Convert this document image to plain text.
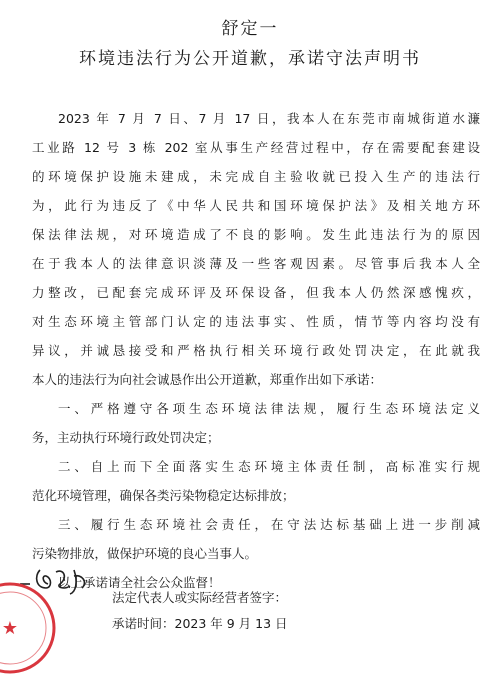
舒定一
环境违法行为公开道歉，承诺守法声明书
2023 年 7 月 7 日、7 月 17 日，我本人在东莞市南城街道水濂
工业路 12 号 3 栋 202 室从事生产经营过程中，存在需要配套建设
的环境保护设施未建成，未完成自主验收就已投入生产的违法行
为，此行为违反了《中华人民共和国环境保护法》及相关地方环
保法律法规，对环境造成了不良的影响。发生此违法行为的原因
在于我本人的法律意识淡薄及一些客观因素。尽管事后我本人全
力整改，已配套完成环评及环保设备，但我本人仍然深感愧疚，
对生态环境主管部门认定的违法事实、性质，情节等内容均没有
异议，并诚恳接受和严格执行相关环境行政处罚决定，在此就我
本人的违法行为向社会诚恳作出公开道歉，郑重作出如下承诺：
一、严格遵守各项生态环境法律法规，履行生态环境法定义
务，主动执行环境行政处罚决定；
二、自上而下全面落实生态环境主体责任制，高标准实行规
范化环境管理，确保各类污染物稳定达标排放；
三、履行生态环境社会责任，在守法达标基础上进一步削减
污染物排放，做保护环境的良心当事人。
以上承诺请全社会公众监督！
★
法定代表人或实际经营者签字：
承诺时间：2023 年 9 月 13 日
